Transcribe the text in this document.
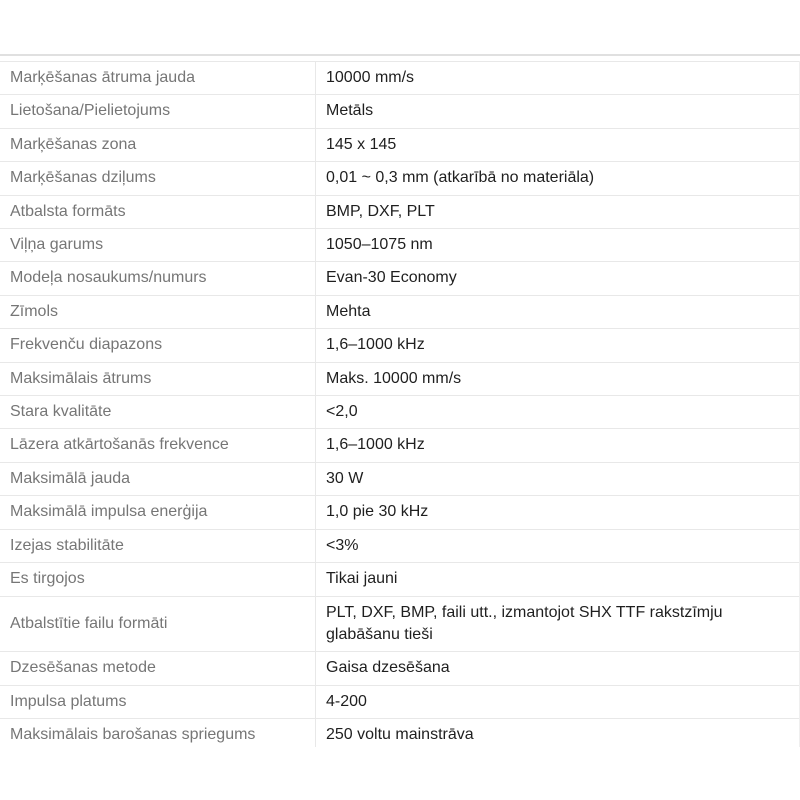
Marķēšanas ātruma jauda	10000 mm/s
Lietošana/Pielietojums	Metāls
Marķēšanas zona	145 x 145
Marķēšanas dziļums	0,01 ~ 0,3 mm (atkarībā no materiāla)
Atbalsta formāts	BMP, DXF, PLT
Viļņa garums	1050–1075 nm
Modeļa nosaukums/numurs	Evan-30 Economy
Zīmols	Mehta
Frekvenču diapazons	1,6–1000 kHz
Maksimālais ātrums	Maks. 10000 mm/s
Stara kvalitāte	<2,0
Lāzera atkārtošanās frekvence	1,6–1000 kHz
Maksimālā jauda	30 W
Maksimālā impulsa enerģija	1,0 pie 30 kHz
Izejas stabilitāte	<3%
Es tirgojos	Tikai jauni
Atbalstītie failu formāti	PLT, DXF, BMP, faili utt., izmantojot SHX TTF rakstzīmju glabāšanu tieši
Dzesēšanas metode	Gaisa dzesēšana
Impulsa platums	4-200
Maksimālais barošanas spriegums	250 voltu mainstrāva
